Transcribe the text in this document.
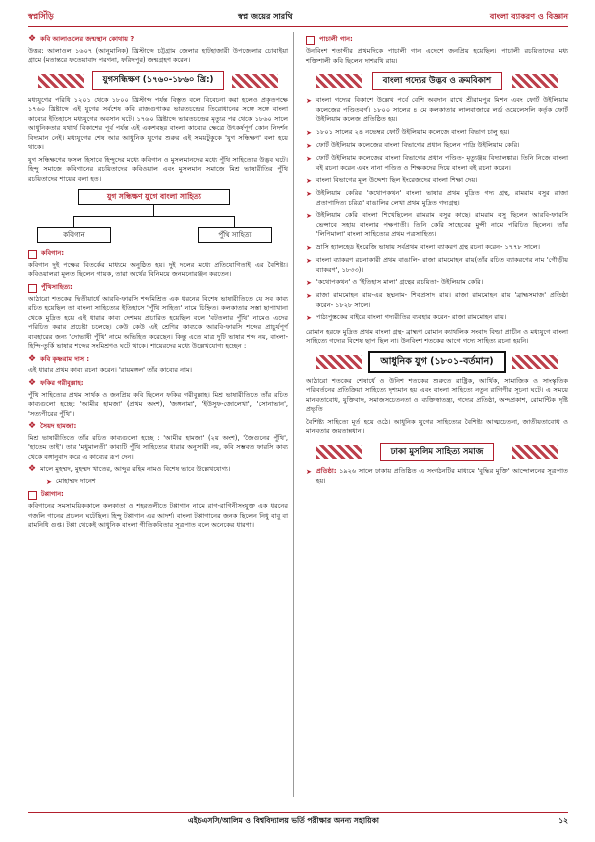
স্বপ্নসিঁড়ি	স্বপ্ন জয়ের সারথি	বাংলা ব্যাকরণ ও বিজ্ঞান
❖ কবি আলাওলের জন্মস্থান কোথায় ?

উত্তর: আলাওল ১৬০৭ (আনুমানিক) খ্রিস্টাব্দে চট্টগ্রাম জেলার হাটহাজারী উপজেলার চোবাইয়া গ্রামে (মতান্তরে ফতেয়াবাদ পরগনা, ফরিদপুর) জন্মগ্রহণ করেন।

যুগসন্ধিক্ষণ (১৭৬০-১৮৬০ খ্রি:)

মধ্যযুগের পরিধি ১২০১ থেকে ১৮০০ খ্রিস্টাব্দ পর্যন্ত বিস্তৃত বলে বিবেচনা করা হলেও প্রকৃতপক্ষে ১৭৬০ খ্রিষ্টাব্দে এই যুগের সর্বশেষ কবি রাজগুণাকর ভারতচন্দ্রের তিরোধানের সঙ্গে সঙ্গে বাংলা কাব্যের ইতিহাসে মধ্যযুগের অবসান ঘটে। ১৭৬০ খ্রিষ্টাব্দে ভারতচন্দ্রের মৃত্যুর পর থেকে ১৮৬০ সালে আধুনিকতার যথার্থ বিকাশের পূর্ব পর্যন্ত এই একশবছর বাংলা কাব্যের ক্ষেত্রে উৎকর্ষপূর্ণ কোন নিদর্শন বিদ্যমান নেই। মধ্যযুগের শেষ আর আধুনিক যুগের শুরুর এই সময়টুকুকে 'যুগ সন্ধিক্ষণ' বলা হয়ে থাকে।

যুগ সন্ধিক্ষণের ফসল হিসাবে হিন্দুদের মধ্যে কবিগান ও মুসলমানদের মধ্যে পুঁথি সাহিত্যের উদ্ভব ঘটে। হিন্দু সমাজে কবিগানের রচয়িতাদের কবিওয়াল এবং মুসলমান সমাজে মিশ্র ভাষারীতির পুঁথি রচয়িতাদের শায়ের বলা হত।

যুগ সন্ধিক্ষণ যুগে বাংলা সাহিত্য
কবিগান	পুঁথি সাহিত্য
কবিগান:

কবিগান দুই পক্ষের বিতর্কের মাধ্যমে অনুষ্ঠিত হয়। দুই দলের মধ্যে প্রতিযোগিতাই এর বৈশিষ্ট্য। কবিওয়ালরা মূলত ছিলেন গায়ক, তারা অর্থের বিনিময়ে জনমনোরঞ্জন করতেন।

পুঁথিসাহিত্য:

আঠারো শতকের দ্বিতীয়ার্ধে আরবি-ফারসি শব্দমিশ্রিত এক ধরনের বিশেষ ভাষারীতিতে যে সব কাব্য রচিত হয়েছিল তা বাংলা সাহিত্যের ইতিহাসে 'পুঁথি সাহিত্য' নামে চিহ্নিত। কলকাতার সস্তা ছাপাখানা থেকে মুদ্রিত হয়ে এই ধারার কাব্য দেশময় প্রচারিত হয়েছিল বলে 'বটতলার পুঁথি' নামেও এদের পরিচিত করার প্রচেষ্টা চলেছে। কেউ কেউ এই শ্রেণির কাব্যকে আরবি-ফারসি শব্দের প্রাচুর্যপূর্ণ ব্যবহারের জন্য 'দোভাষী পুঁথি' নামে অভিহিত করেছেন। কিন্তু এতে মাত্র দুটি ভাষার শব্দ নয়, বাংলা-হিন্দি-তুর্কি ভাষার শব্দের সংমিশ্রণও ঘটে থাকে। শায়েরদের মধ্যে উল্লেখযোগ্য হচ্ছেন :

❖ কবি কৃষ্ণরাম দাস :

এই ধারার প্রথম কাব্য রচনা করেন। 'রায়মঙ্গল' তাঁর কাব্যের নাম।

❖ ফকির গরীবুল্লাহ:

পুঁথি সাহিত্যের প্রথম সার্থক ও জনপ্রিয় কবি ছিলেন ফকির গরীবুল্লাহ। মিশ্র ভাষারীতিতে তাঁর রচিত কাব্যগুলো হচ্ছে: 'আমীর হামজা' (প্রথম অংশ), 'জঙ্গনামা', 'ইউসুফ-জোলেখা', 'সোনাভান', 'সত্যপীরের পুঁথি'।

❖ সৈয়দ হামজা:

মিশ্র ভাষারীতিতে তাঁর রচিত কাব্যগুলো হচ্ছে : 'আমীর হামজা' (২য় অংশ), 'জৈগুনের পুঁথি', 'হাতেম তাই'। তার 'মধুমালতী' কাব্যটি পুঁথি সাহিত্যের ধারার অনুসারী নয়, কবি সম্ভবত ফারসি কাব্য থেকে বঙ্গানুবাদ করে এ কাব্যের রূপ দেন।

❖ মালে মুহম্মদ, মুহম্মদ খাতের, আব্দুর রহিম নামও বিশেষ ভাবে উল্লেখযোগ্য।
➤ মোহাম্মদ দানেশ
টপ্পাগান:

কবিগানের সমসাময়িককালে কলকাতা ও শহরতলীতে টপ্পাগান নামে রাগ-রাগিনীসংযুক্ত এক ধরনের গজলি গানের প্রচলন ঘটেছিল। হিন্দু টপ্পাগান এর আদর্শ। বাংলা টপ্পাগানের জনক ছিলেন নিধু বাবু বা রামনিধি গুপ্ত। টপ্পা থেকেই আধুনিক বাংলা গীতিকবিতার সূত্রপাত বলে অনেকের ধারণা।

পাচালী গান:

উনবিংশ শতাব্দীর প্রথমদিকে পাচালী গান এদেশে জনপ্রিয় হয়েছিল। পাচালী রচয়িতাদের মধ্য শক্তিশালী কবি ছিলেন দাশরথি রায়।

বাংলা গদ্যের উদ্ভব ও ক্রমবিকাশ
➤ বাংলা গদ্যের বিকাশে উল্লেখ পর্বে বেশি অবদান রাখে শ্রীরামপুর মিশন এবং ফোর্ট উইলিয়াম কলেজের পণ্ডিতবর্গ। ১৮০০ সালের ৪ মে কলকাতার লালবাজারে লর্ড ওয়েলেসলি কর্তৃক ফোর্ট উইলিয়াম কলেজ প্রতিষ্ঠিত হয়।
➤ ১৮০১ সালের ২৪ নভেম্বর ফোর্ট উইলিয়াম কলেজে বাংলা বিভাগ চালু হয়।
➤ ফোর্ট উইলিয়াম কলেজের বাংলা বিভাগের প্রধান ছিলেন পাদ্রি উইলিয়াম কেরি।
➤ ফোর্ট উইলিয়াম কলেজের বাংলা বিভাগের প্রধান পণ্ডিত- মৃত্যুঞ্জয় বিদ্যালঙ্কার। তিনি নিজে বাংলা বই রচনা করেন এবং নানা পণ্ডিত ও শিক্ষকদের দিয়ে বাংলা বই রচনা করেন।
➤ বাংলা বিভাগের মূল উদ্দেশ্য ছিল ইংরেজদের বাংলা শিক্ষা দেয়।
➤ উইলিয়াম কেরির 'কথোপকথন' বাংলা ভাষার প্রথম মুদ্রিত গদ্য গ্রন্থ, রামরাম বসুর রাজা প্রতাপাদিত্য চরিত্র' বাঙালির লেখা প্রথম মুদ্রিত গদ্যগ্রন্থ।
➤ উইলিয়াম কেরি বাংলা শিখেছিলেন রামরাম বসুর কাছে। রামরাম বসু ছিলেন আরবি-ফারসি ভেন্সাবে সহায় বাংলার পক্ষপাতী। তিনি কেরি সাহেবের মুন্সী নামে পরিচিত ছিলেন। তাঁর 'লিপিমালা' বাংলা সাহিত্যের প্রথম পত্রসাহিত্য।
➤ ভ্রাসি হ্যালহেড ইংরেজি ভাষায় সর্বপ্রথম বাংলা ব্যাকরণ গ্রন্থ রচনা করেন- ১৭৭৮ সালে।
➤ বাংলা ব্যাকরণ রচনাকারী প্রথম বাঙালি- রাজা রামমোহন রায়(তাঁর রচিত ব্যাকরণের নাম 'গৌড়ীয় ব্যাকরণ', ১৮৩৩)।
➤ 'কথোপকথন' ও 'ইতিহাস মালা' গ্রন্থের রচয়িতা- উইলিয়াম কেরি।
➤ রাজা রামমোহন রায়-এর ছদ্মনাম- শিবপ্রসাদ রায়। রাজা রামমোহন রায় 'ব্রাহ্মসমাজ' প্রতিষ্ঠা করেন- ১৮২৮ সালে।
➤ পাঠ্যপুস্তকের বাইরে বাংলা গদ্যরীতির ব্যবহার করেন- রাজা রামমোহন রায়।

রোমান হরফে মুদ্রিত প্রথম বাংলা গ্রন্থ- ব্রাহ্মণ রোমান ক্যাথলিক সংবাদ বিল্ডা প্রাচীন ও মধ্যযুগে বাংলা সাহিত্যে গদ্যের বিশেষ ছাপ ছিল না। উনবিংশ শতকের আগে গদ্যে সাহিত্য রচনা হয়নি।

আধুনিক যুগ (১৮০১-বর্তমান)

আঠারো শতকের শেষার্ধে ও উনিশ শতকের শুরুতে রাষ্ট্রিক, আর্থিক, সামাজিক ও সাংস্কৃতিক পরিবর্তনের প্রতিক্রিয়া সাহিত্যে দৃশ্যমান হয় এবং বাংলা সাহিত্যে নতুন রাগিণীর সূচনা ঘটে। এ সময়ে মানবতাবোধ, যুক্তিবাদ, সমাজসচেতনতা ও ব্যক্তিস্বাতন্ত্র্য, গদ্যের প্রতিষ্ঠা, অন্দপ্রকাশ, রোমান্টিক দৃষ্টি প্রভৃতি

বৈশিষ্ট্য সাহিত্যে মূর্ত হয়ে ওঠে। আধুনিক যুগের সাহিত্যের বৈশিষ্ট্য আত্মচেতনা, জাতীয়তাবোধ ও মানবতার জয়তান্নধান।

ঢাকা মুসলিম সাহিত্য সমাজ
➤ প্রতিষ্ঠা: ১৯২৬ সালে ঢাকায় প্রতিষ্ঠিত এ সংগঠনটির মাধ্যমে 'বুদ্ধির মুক্তি' আন্দোলনের সূত্রপাত হয়।
এইচএসসি/আলিম ও বিশ্ববিদ্যালয় ভর্তি পরীক্ষার অনন্য সহায়িকা	১২
